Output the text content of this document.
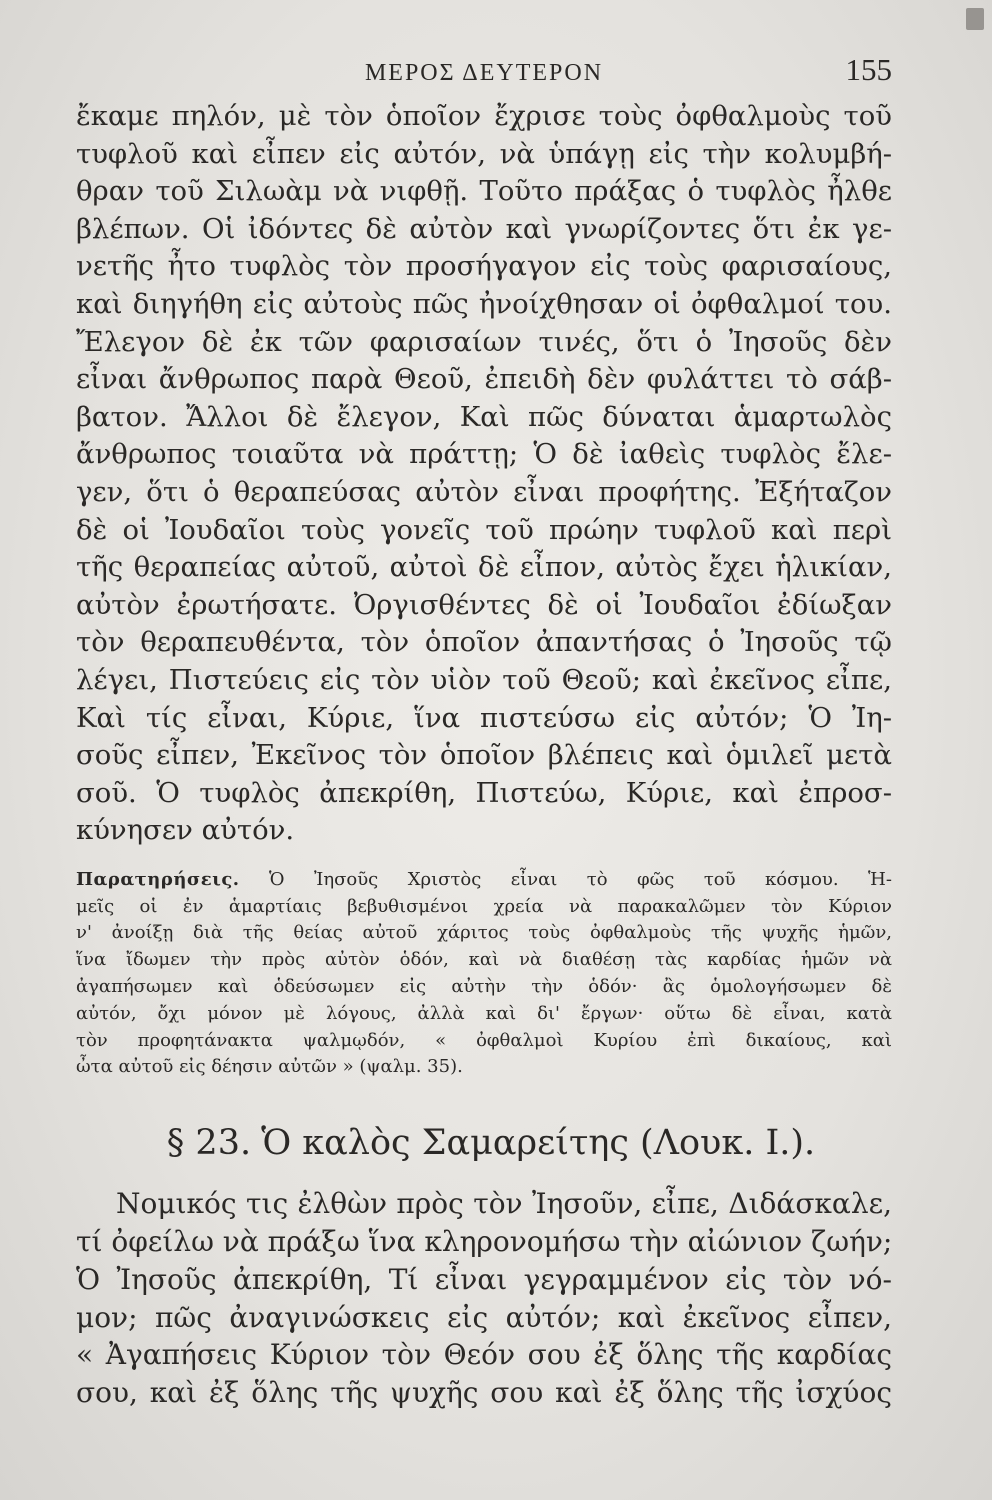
ΜΕΡΟΣ ΔΕΥΤΕΡΟΝ	155
ἔκαμε πηλόν, μὲ τὸν ὁποῖον ἔχρισε τοὺς ὀφθαλμοὺς τοῦ
τυφλοῦ καὶ εἶπεν εἰς αὐτόν, νὰ ὑπάγῃ εἰς τὴν κολυμβή-
θραν τοῦ Σιλωὰμ νὰ νιφθῇ. Τοῦτο πράξας ὁ τυφλὸς ἦλθε
βλέπων. Οἱ ἰδόντες δὲ αὐτὸν καὶ γνωρίζοντες ὅτι ἐκ γε-
νετῆς ἦτο τυφλὸς τὸν προσήγαγον εἰς τοὺς φαρισαίους,
καὶ διηγήθη εἰς αὐτοὺς πῶς ἠνοίχθησαν οἱ ὀφθαλμοί του.
Ἔλεγον δὲ ἐκ τῶν φαρισαίων τινές, ὅτι ὁ Ἰησοῦς δὲν
εἶναι ἄνθρωπος παρὰ Θεοῦ, ἐπειδὴ δὲν φυλάττει τὸ σάβ-
βατον. Ἄλλοι δὲ ἔλεγον, Καὶ πῶς δύναται ἁμαρτωλὸς
ἄνθρωπος τοιαῦτα νὰ πράττῃ; Ὁ δὲ ἰαθεὶς τυφλὸς ἔλε-
γεν, ὅτι ὁ θεραπεύσας αὐτὸν εἶναι προφήτης. Ἐξήταζον
δὲ οἱ Ἰουδαῖοι τοὺς γονεῖς τοῦ πρώην τυφλοῦ καὶ περὶ
τῆς θεραπείας αὐτοῦ, αὐτοὶ δὲ εἶπον, αὐτὸς ἔχει ἡλικίαν,
αὐτὸν ἐρωτήσατε. Ὀργισθέντες δὲ οἱ Ἰουδαῖοι ἐδίωξαν
τὸν θεραπευθέντα, τὸν ὁποῖον ἀπαντήσας ὁ Ἰησοῦς τῷ
λέγει, Πιστεύεις εἰς τὸν υἱὸν τοῦ Θεοῦ; καὶ ἐκεῖνος εἶπε,
Καὶ τίς εἶναι, Κύριε, ἵνα πιστεύσω εἰς αὐτόν; Ὁ Ἰη-
σοῦς εἶπεν, Ἐκεῖνος τὸν ὁποῖον βλέπεις καὶ ὁμιλεῖ μετὰ
σοῦ. Ὁ τυφλὸς ἀπεκρίθη, Πιστεύω, Κύριε, καὶ ἐπροσ-
κύνησεν αὐτόν.
Παρατηρήσεις. Ὁ Ἰησοῦς Χριστὸς εἶναι τὸ φῶς τοῦ κόσμου. Ἡ-
μεῖς οἱ ἐν ἁμαρτίαις βεβυθισμένοι χρεία νὰ παρακαλῶμεν τὸν Κύριον
ν' ἀνοίξῃ διὰ τῆς θείας αὐτοῦ χάριτος τοὺς ὀφθαλμοὺς τῆς ψυχῆς ἡμῶν,
ἵνα ἴδωμεν τὴν πρὸς αὐτὸν ὁδόν, καὶ νὰ διαθέσῃ τὰς καρδίας ἡμῶν νὰ
ἀγαπήσωμεν καὶ ὁδεύσωμεν εἰς αὐτὴν τὴν ὁδόν· ἂς ὁμολογήσωμεν δὲ
αὐτόν, ὄχι μόνον μὲ λόγους, ἀλλὰ καὶ δι' ἔργων· οὕτω δὲ εἶναι, κατὰ
τὸν προφητάνακτα ψαλμῳδόν, « ὀφθαλμοὶ Κυρίου ἐπὶ δικαίους, καὶ
ὦτα αὐτοῦ εἰς δέησιν αὐτῶν » (ψαλμ. 35).
§ 23. Ὁ καλὸς Σαμαρείτης (Λουκ. Ι.).
Νομικός τις ἐλθὼν πρὸς τὸν Ἰησοῦν, εἶπε, Διδάσκαλε,
τί ὀφείλω νὰ πράξω ἵνα κληρονομήσω τὴν αἰώνιον ζωήν;
Ὁ Ἰησοῦς ἀπεκρίθη, Τί εἶναι γεγραμμένον εἰς τὸν νό-
μον; πῶς ἀναγινώσκεις εἰς αὐτόν; καὶ ἐκεῖνος εἶπεν,
« Ἀγαπήσεις Κύριον τὸν Θεόν σου ἐξ ὅλης τῆς καρδίας
σου, καὶ ἐξ ὅλης τῆς ψυχῆς σου καὶ ἐξ ὅλης τῆς ἰσχύος
